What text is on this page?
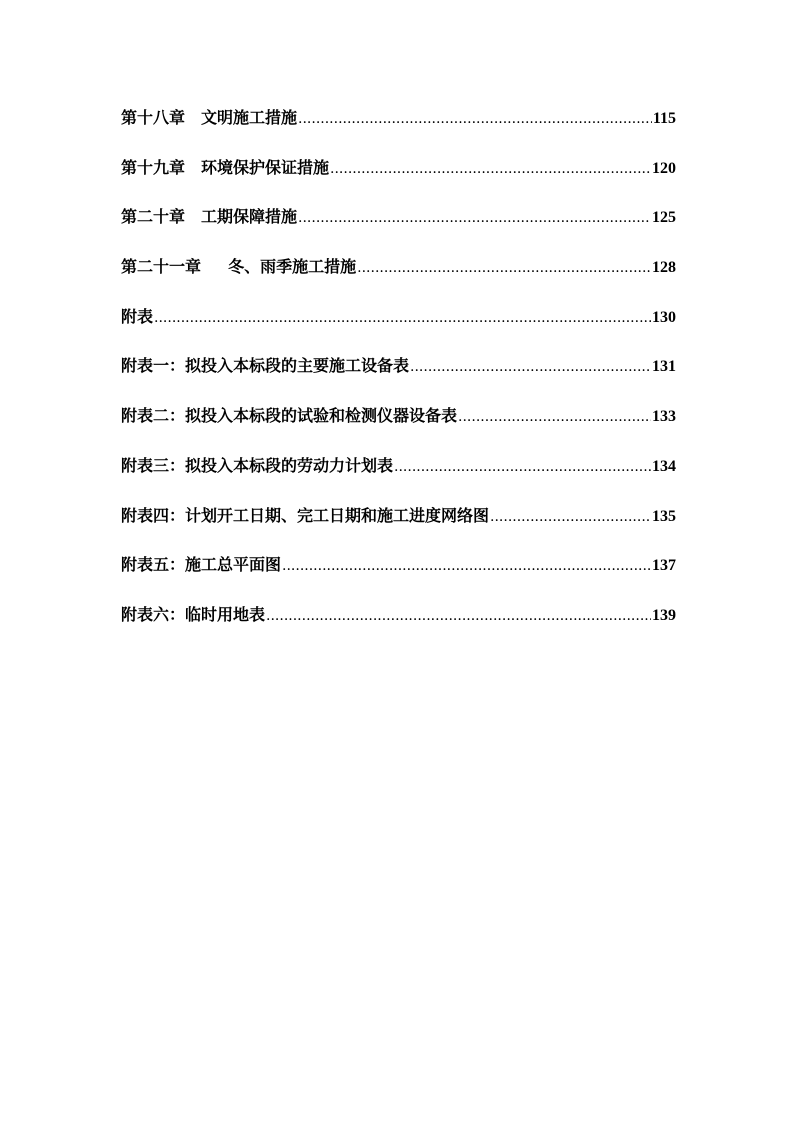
第十八章　文明施工措施 .....	115
第十九章　环境保护保证措施 .....	120
第二十章　工期保障措施 .....	125
第二十一章　  冬、雨季施工措施 .....	128
附表 .....	130
附表一：拟投入本标段的主要施工设备表 .....	131
附表二：拟投入本标段的试验和检测仪器设备表 .....	133
附表三：拟投入本标段的劳动力计划表 .....	134
附表四：计划开工日期、完工日期和施工进度网络图 .....	135
附表五：施工总平面图 .....	137
附表六：临时用地表 .....	139
